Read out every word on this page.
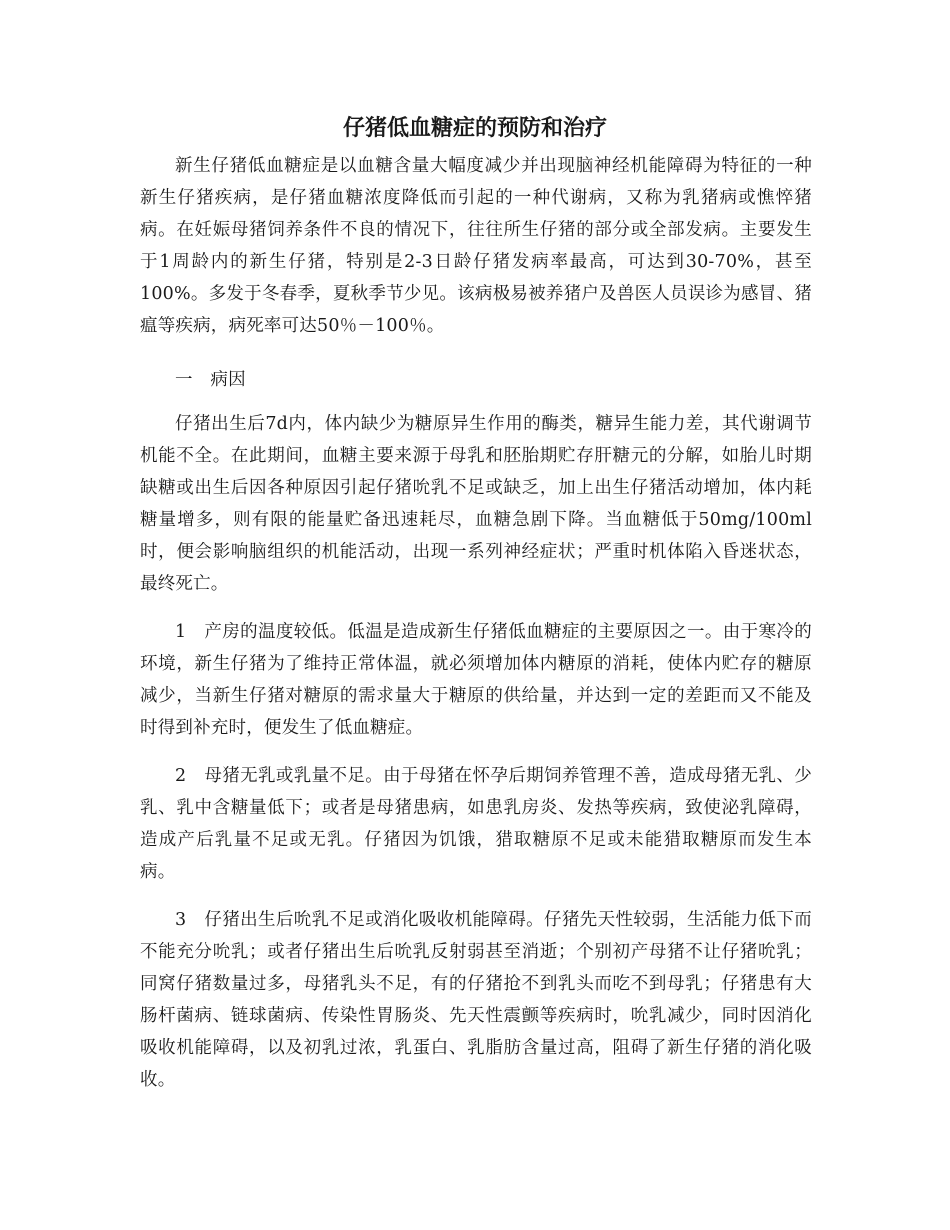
仔猪低血糖症的预防和治疗

新生仔猪低血糖症是以血糖含量大幅度减少并出现脑神经机能障碍为特征的一种新生仔猪疾病，是仔猪血糖浓度降低而引起的一种代谢病，又称为乳猪病或憔悴猪病。在妊娠母猪饲养条件不良的情况下，往往所生仔猪的部分或全部发病。主要发生于1周龄内的新生仔猪，特别是2-3日龄仔猪发病率最高，可达到30-70%，甚至100%。多发于冬春季，夏秋季节少见。该病极易被养猪户及兽医人员误诊为感冒、猪瘟等疾病，病死率可达50％－100％。

一　病因

仔猪出生后7d内，体内缺少为糖原异生作用的酶类，糖异生能力差，其代谢调节机能不全。在此期间，血糖主要来源于母乳和胚胎期贮存肝糖元的分解，如胎儿时期缺糖或出生后因各种原因引起仔猪吮乳不足或缺乏，加上出生仔猪活动增加，体内耗糖量增多，则有限的能量贮备迅速耗尽，血糖急剧下降。当血糖低于50mg/100ml时，便会影响脑组织的机能活动，出现一系列神经症状；严重时机体陷入昏迷状态，最终死亡。

1　产房的温度较低。低温是造成新生仔猪低血糖症的主要原因之一。由于寒冷的环境，新生仔猪为了维持正常体温，就必须增加体内糖原的消耗，使体内贮存的糖原减少，当新生仔猪对糖原的需求量大于糖原的供给量，并达到一定的差距而又不能及时得到补充时，便发生了低血糖症。

2　母猪无乳或乳量不足。由于母猪在怀孕后期饲养管理不善，造成母猪无乳、少乳、乳中含糖量低下；或者是母猪患病，如患乳房炎、发热等疾病，致使泌乳障碍，造成产后乳量不足或无乳。仔猪因为饥饿，猎取糖原不足或未能猎取糖原而发生本病。

3　仔猪出生后吮乳不足或消化吸收机能障碍。仔猪先天性较弱，生活能力低下而不能充分吮乳；或者仔猪出生后吮乳反射弱甚至消逝；个别初产母猪不让仔猪吮乳；同窝仔猪数量过多，母猪乳头不足，有的仔猪抢不到乳头而吃不到母乳；仔猪患有大肠杆菌病、链球菌病、传染性胃肠炎、先天性震颤等疾病时，吮乳减少，同时因消化吸收机能障碍，以及初乳过浓，乳蛋白、乳脂肪含量过高，阻碍了新生仔猪的消化吸收。
